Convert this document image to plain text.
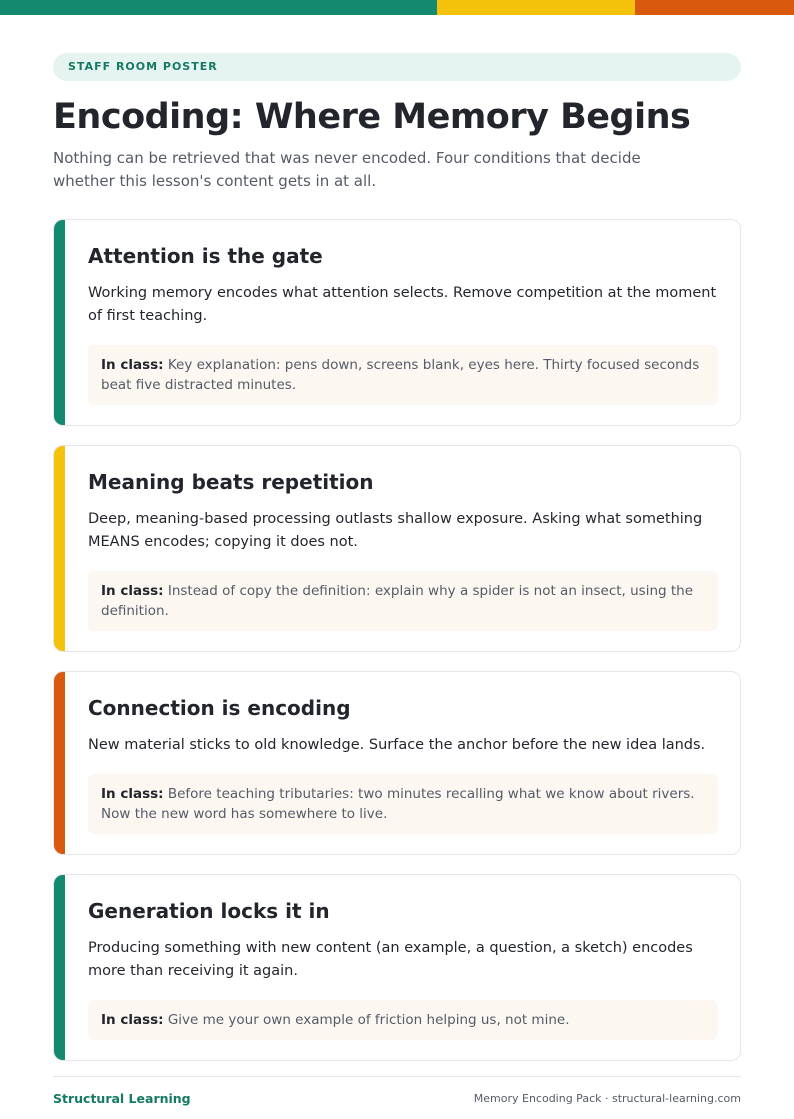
STAFF ROOM POSTER
Encoding: Where Memory Begins

Nothing can be retrieved that was never encoded. Four conditions that decide whether this lesson's content gets in at all.

Attention is the gate

Working memory encodes what attention selects. Remove competition at the moment of first teaching.

In class: Key explanation: pens down, screens blank, eyes here. Thirty focused seconds beat five distracted minutes.
Meaning beats repetition

Deep, meaning-based processing outlasts shallow exposure. Asking what something MEANS encodes; copying it does not.

In class: Instead of copy the definition: explain why a spider is not an insect, using the definition.
Connection is encoding

New material sticks to old knowledge. Surface the anchor before the new idea lands.

In class: Before teaching tributaries: two minutes recalling what we know about rivers. Now the new word has somewhere to live.
Generation locks it in

Producing something with new content (an example, a question, a sketch) encodes more than receiving it again.

In class: Give me your own example of friction helping us, not mine.
Structural Learning	Memory Encoding Pack · structural-learning.com
